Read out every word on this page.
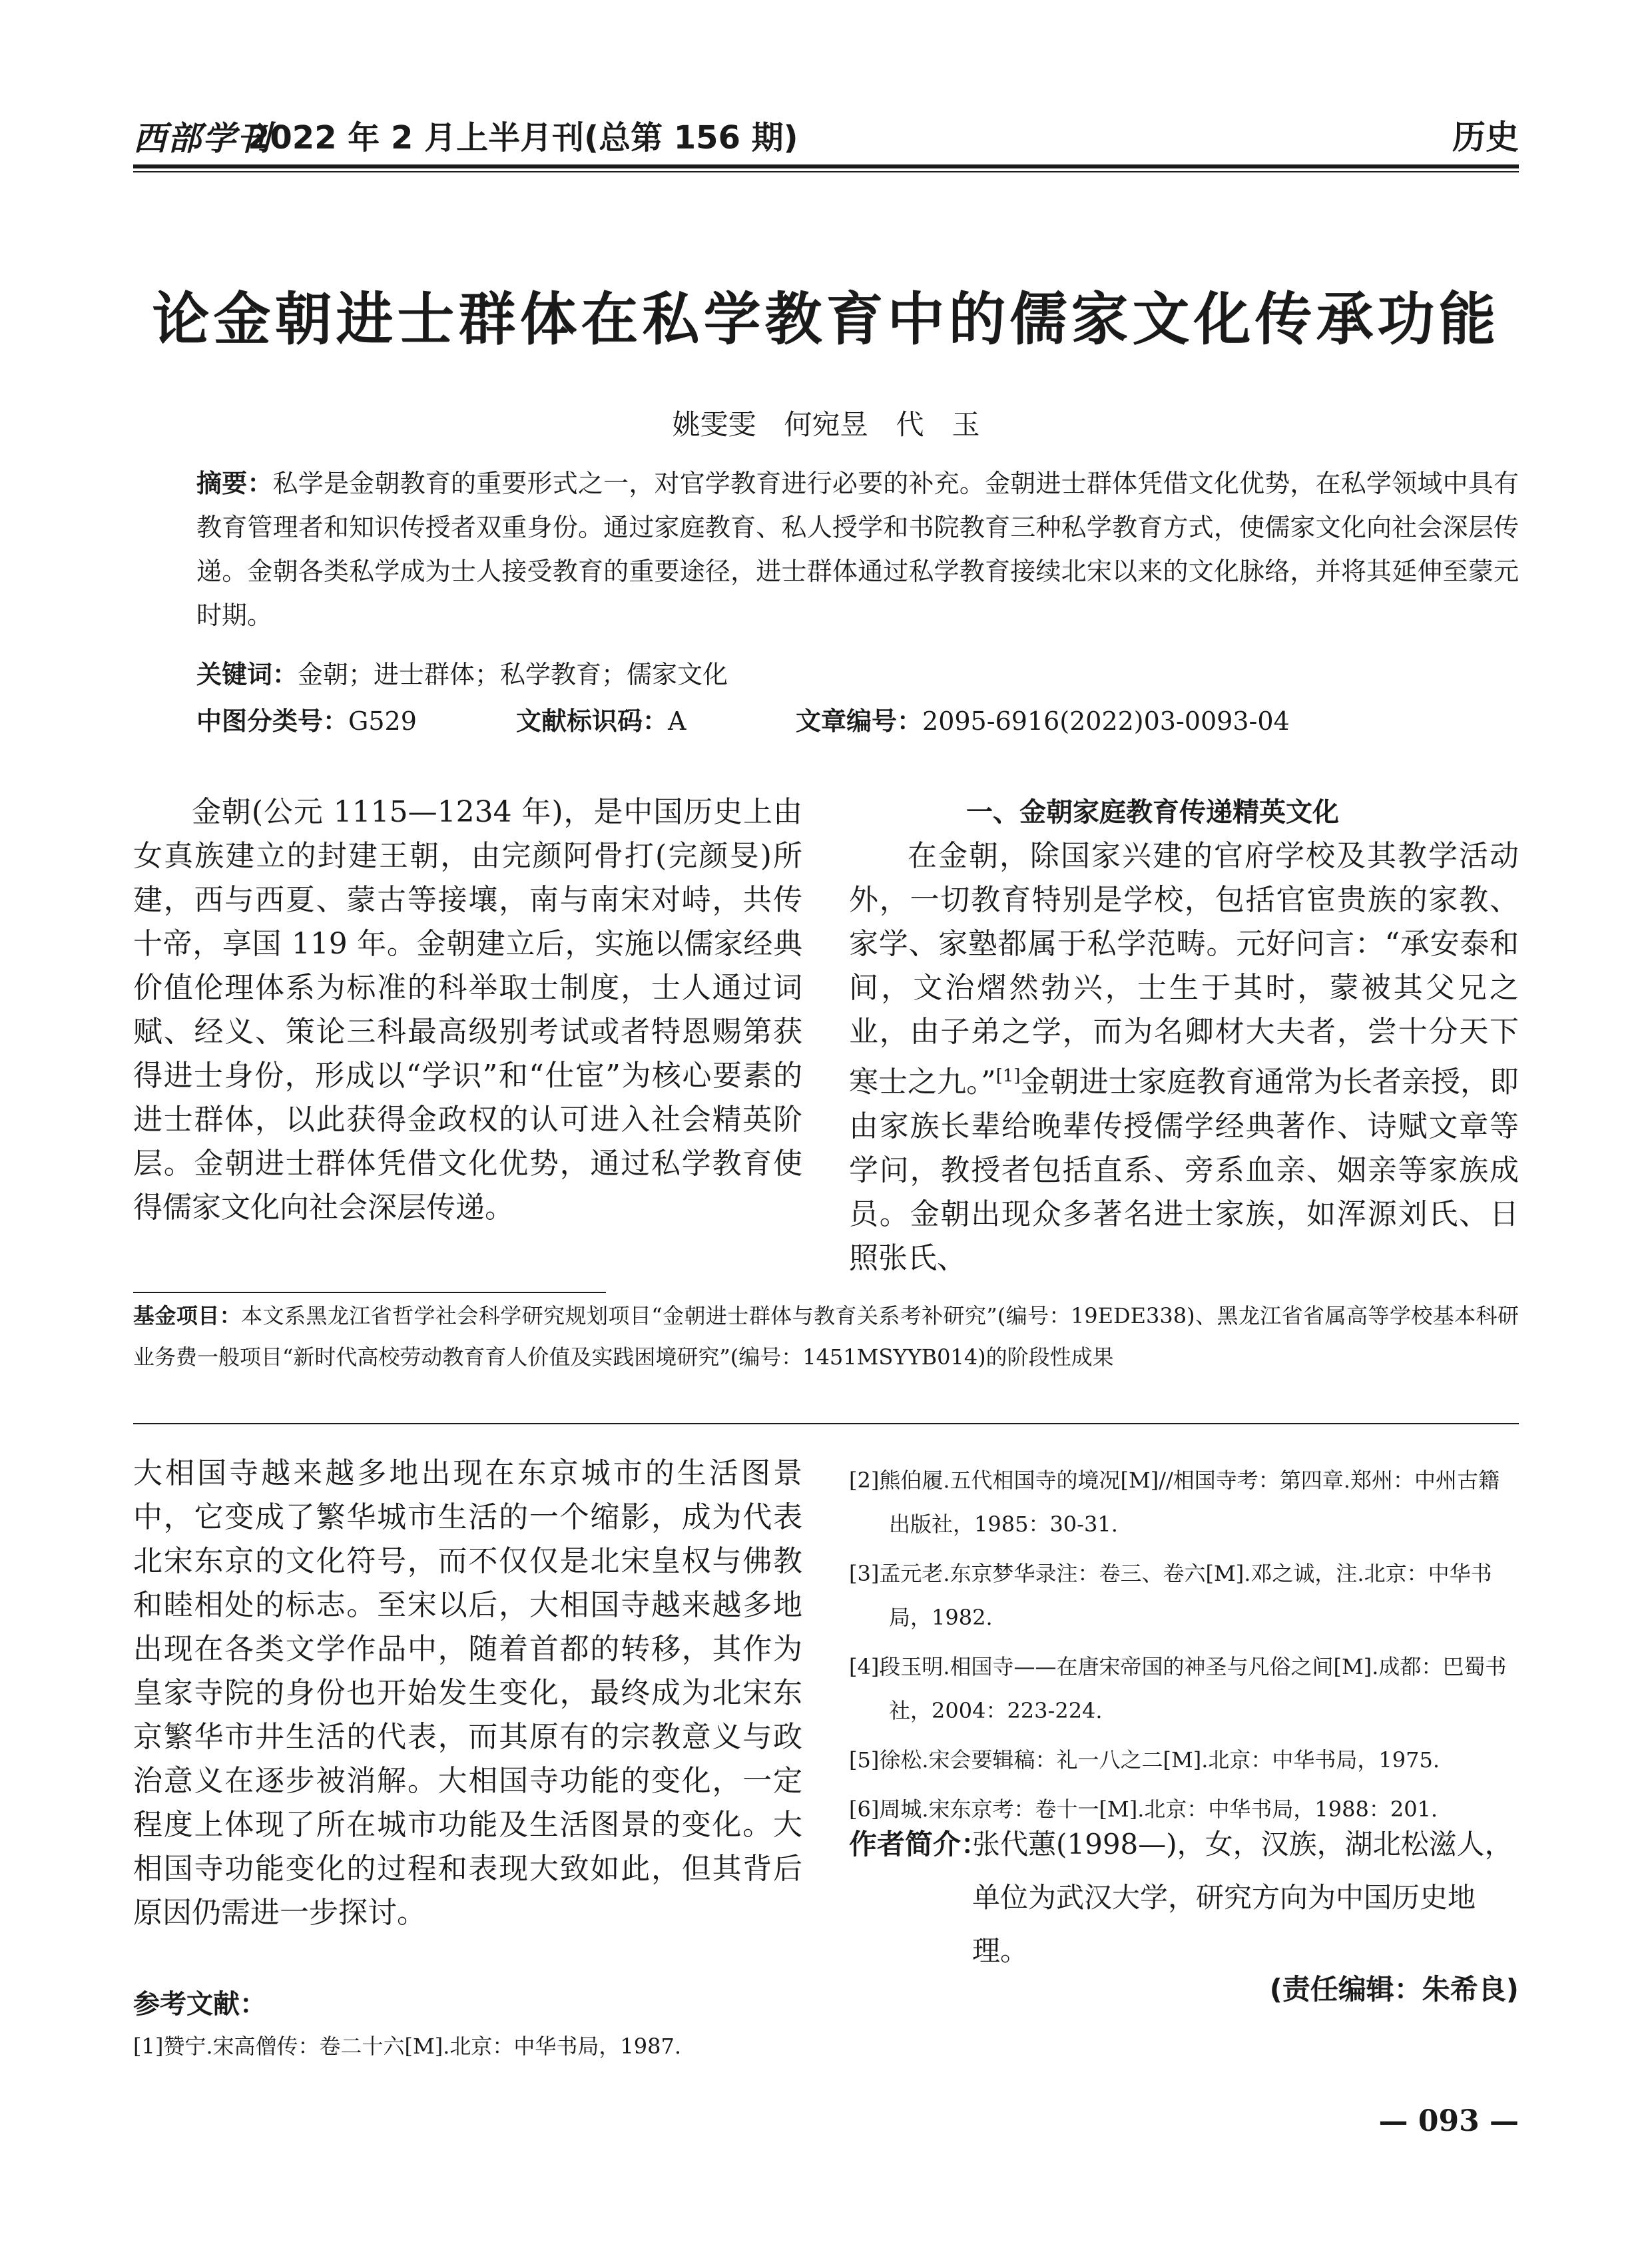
西部学刊
2022 年 2 月上半月刊(总第 156 期)	历史
论金朝进士群体在私学教育中的儒家文化传承功能
姚雯雯　何宛昱　代　玉
摘要：私学是金朝教育的重要形式之一，对官学教育进行必要的补充。金朝进士群体凭借文化优势，在私学领域中具有教育管理者和知识传授者双重身份。通过家庭教育、私人授学和书院教育三种私学教育方式，使儒家文化向社会深层传递。金朝各类私学成为士人接受教育的重要途径，进士群体通过私学教育接续北宋以来的文化脉络，并将其延伸至蒙元时期。
关键词：金朝；进士群体；私学教育；儒家文化
中图分类号：G529	文献标识码：A	文章编号：2095-6916(2022)03-0093-04

金朝(公元 1115—1234 年)，是中国历史上由女真族建立的封建王朝，由完颜阿骨打(完颜旻)所建，西与西夏、蒙古等接壤，南与南宋对峙，共传十帝，享国 119 年。金朝建立后，实施以儒家经典价值伦理体系为标准的科举取士制度，士人通过词赋、经义、策论三科最高级别考试或者特恩赐第获得进士身份，形成以“学识”和“仕宦”为核心要素的进士群体，以此获得金政权的认可进入社会精英阶层。金朝进士群体凭借文化优势，通过私学教育使得儒家文化向社会深层传递。

一、金朝家庭教育传递精英文化

在金朝，除国家兴建的官府学校及其教学活动外，一切教育特别是学校，包括官宦贵族的家教、家学、家塾都属于私学范畴。元好问言：“承安泰和间，文治熠然勃兴，士生于其时，蒙被其父兄之业，由子弟之学，而为名卿材大夫者，尝十分天下寒士之九。”[1]金朝进士家庭教育通常为长者亲授，即由家族长辈给晚辈传授儒学经典著作、诗赋文章等学问，教授者包括直系、旁系血亲、姻亲等家族成员。金朝出现众多著名进士家族，如浑源刘氏、日照张氏、

基金项目：本文系黑龙江省哲学社会科学研究规划项目“金朝进士群体与教育关系考补研究”(编号：19EDE338)、黑龙江省省属高等学校基本科研业务费一般项目“新时代高校劳动教育育人价值及实践困境研究”(编号：1451MSYYB014)的阶段性成果

大相国寺越来越多地出现在东京城市的生活图景中，它变成了繁华城市生活的一个缩影，成为代表北宋东京的文化符号，而不仅仅是北宋皇权与佛教和睦相处的标志。至宋以后，大相国寺越来越多地出现在各类文学作品中，随着首都的转移，其作为皇家寺院的身份也开始发生变化，最终成为北宋东京繁华市井生活的代表，而其原有的宗教意义与政治意义在逐步被消解。大相国寺功能的变化，一定程度上体现了所在城市功能及生活图景的变化。大相国寺功能变化的过程和表现大致如此，但其背后原因仍需进一步探讨。

参考文献：

[1]赞宁.宋高僧传：卷二十六[M].北京：中华书局，1987.

[2]熊伯履.五代相国寺的境况[M]//相国寺考：第四章.郑州：中州古籍出版社，1985：30-31.

[3]孟元老.东京梦华录注：卷三、卷六[M].邓之诚，注.北京：中华书局，1982.

[4]段玉明.相国寺——在唐宋帝国的神圣与凡俗之间[M].成都：巴蜀书社，2004：223-224.

[5]徐松.宋会要辑稿：礼一八之二[M].北京：中华书局，1975.

[6]周城.宋东京考：卷十一[M].北京：中华书局，1988：201.

作者简介：
张代蕙(1998—)，女，汉族，湖北松滋人，单位为武汉大学，研究方向为中国历史地理。
(责任编辑：朱希良)
— 093 —
